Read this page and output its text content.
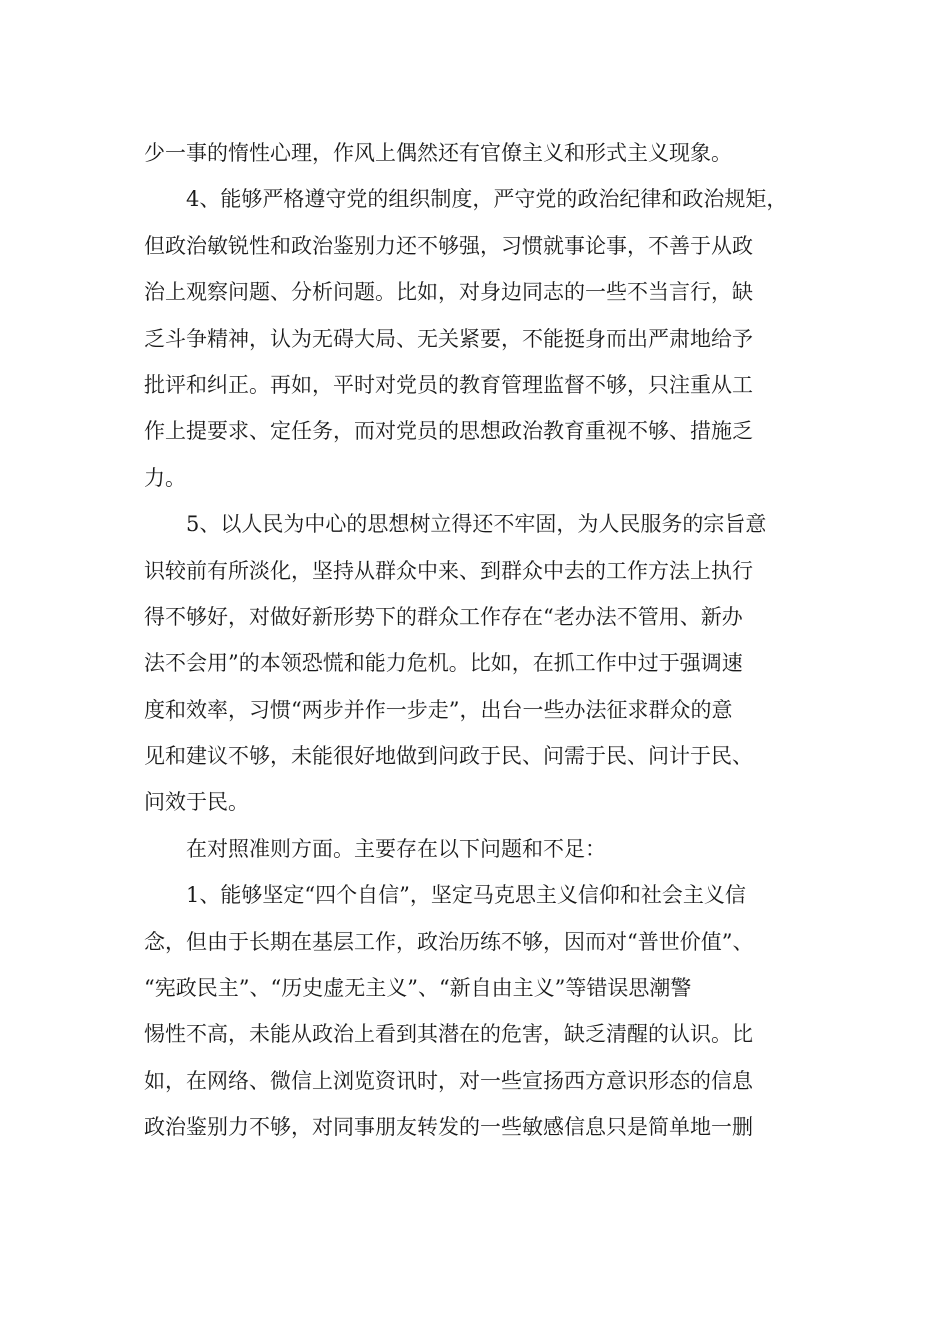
少一事的惰性心理，作风上偶然还有官僚主义和形式主义现象。
4、能够严格遵守党的组织制度，严守党的政治纪律和政治规矩，
但政治敏锐性和政治鉴别力还不够强，习惯就事论事，不善于从政
治上观察问题、分析问题。比如，对身边同志的一些不当言行，缺
乏斗争精神，认为无碍大局、无关紧要，不能挺身而出严肃地给予
批评和纠正。再如，平时对党员的教育管理监督不够，只注重从工
作上提要求、定任务，而对党员的思想政治教育重视不够、措施乏
力。
5、以人民为中心的思想树立得还不牢固，为人民服务的宗旨意
识较前有所淡化，坚持从群众中来、到群众中去的工作方法上执行
得不够好，对做好新形势下的群众工作存在“老办法不管用、新办
法不会用”的本领恐慌和能力危机。比如，在抓工作中过于强调速
度和效率，习惯“两步并作一步走”，出台一些办法征求群众的意
见和建议不够，未能很好地做到问政于民、问需于民、问计于民、
问效于民。
在对照准则方面。主要存在以下问题和不足：
1、能够坚定“四个自信”，坚定马克思主义信仰和社会主义信
念，但由于长期在基层工作，政治历练不够，因而对“普世价值”、
“宪政民主”、“历史虚无主义”、“新自由主义”等错误思潮警
惕性不高，未能从政治上看到其潜在的危害，缺乏清醒的认识。比
如，在网络、微信上浏览资讯时，对一些宣扬西方意识形态的信息
政治鉴别力不够，对同事朋友转发的一些敏感信息只是简单地一删
